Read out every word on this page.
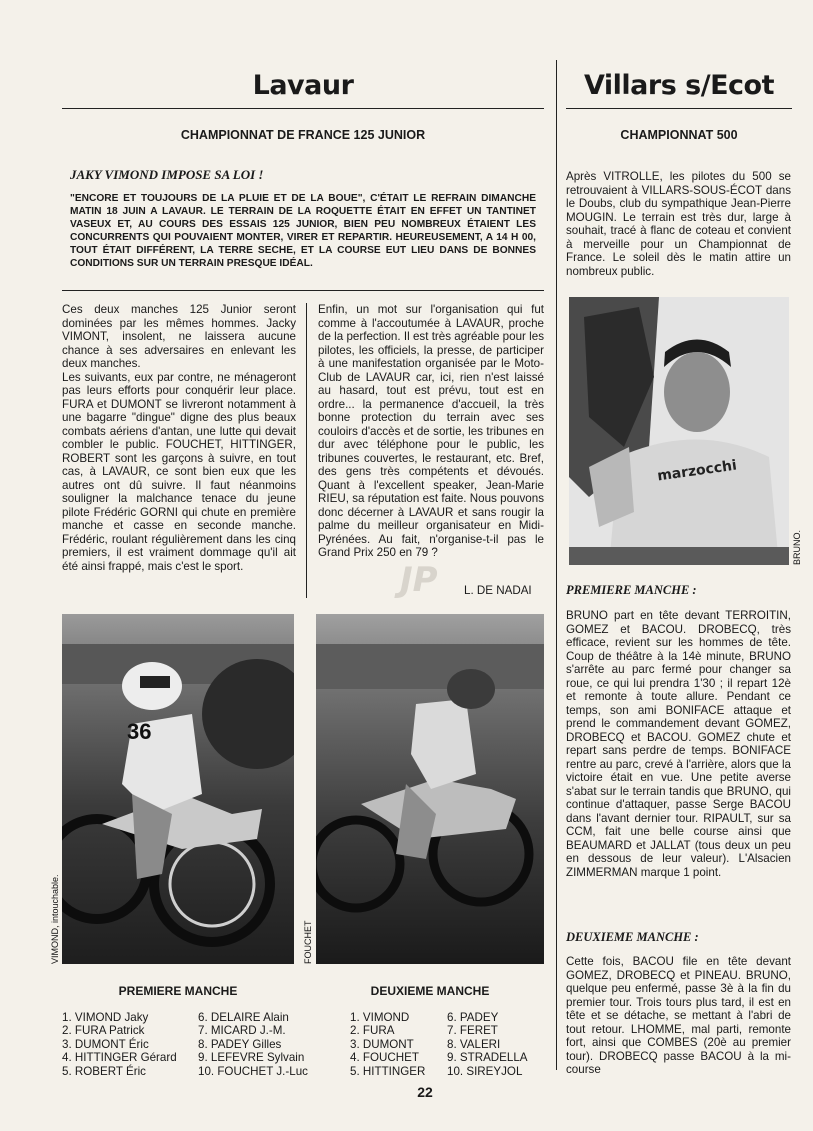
Lavaur
CHAMPIONNAT DE FRANCE 125 JUNIOR
JAKY VIMOND IMPOSE SA LOI !
"ENCORE ET TOUJOURS DE LA PLUIE ET DE LA BOUE", C'ÉTAIT LE REFRAIN DIMANCHE MATIN 18 JUIN A LAVAUR. LE TERRAIN DE LA ROQUETTE ÉTAIT EN EFFET UN TANTINET VASEUX ET, AU COURS DES ESSAIS 125 JUNIOR, BIEN PEU NOMBREUX ÉTAIENT LES CONCURRENTS QUI POUVAIENT MONTER, VIRER ET REPARTIR. HEUREUSEMENT, A 14 H 00, TOUT ÉTAIT DIFFÉRENT, LA TERRE SECHE, ET LA COURSE EUT LIEU DANS DE BONNES CONDITIONS SUR UN TERRAIN PRESQUE IDÉAL.

Ces deux manches 125 Junior seront dominées par les mêmes hommes. Jacky VIMONT, insolent, ne laissera aucune chance à ses adversaires en enlevant les deux manches.

Les suivants, eux par contre, ne ménageront pas leurs efforts pour conquérir leur place. FURA et DUMONT se livreront notamment à une bagarre "dingue" digne des plus beaux combats aériens d'antan, une lutte qui devait combler le public. FOUCHET, HITTINGER, ROBERT sont les garçons à suivre, en tout cas, à LAVAUR, ce sont bien eux que les autres ont dû suivre. Il faut néanmoins souligner la malchance tenace du jeune pilote Frédéric GORNI qui chute en première manche et casse en seconde manche. Frédéric, roulant régulièrement dans les cinq premiers, il est vraiment dommage qu'il ait été ainsi frappé, mais c'est le sport.

Enfin, un mot sur l'organisation qui fut comme à l'accoutumée à LAVAUR, proche de la perfection. Il est très agréable pour les pilotes, les officiels, la presse, de participer à une manifestation organisée par le Moto-Club de LAVAUR car, ici, rien n'est laissé au hasard, tout est prévu, tout est en ordre... la permanence d'accueil, la très bonne protection du terrain avec ses couloirs d'accès et de sortie, les tribunes en dur avec téléphone pour le public, les tribunes couvertes, le restaurant, etc. Bref, des gens très compétents et dévoués. Quant à l'excellent speaker, Jean-Marie RIEU, sa réputation est faite. Nous pouvons donc décerner à LAVAUR et sans rougir la palme du meilleur organisateur en Midi-Pyrénées. Au fait, n'organise-t-il pas le Grand Prix 250 en 79 ?
L. DE NADAI
JP
36
VIMOND, intouchable.	FOUCHET
PREMIERE MANCHE
1. VIMOND Jaky
2. FURA Patrick
3. DUMONT Éric
4. HITTINGER Gérard
5. ROBERT Éric
6. DELAIRE Alain
7. MICARD J.-M.
8. PADEY Gilles
9. LEFEVRE Sylvain
10. FOUCHET J.-Luc
DEUXIEME MANCHE
1. VIMOND
2. FURA
3. DUMONT
4. FOUCHET
5. HITTINGER
6. PADEY
7. FERET
8. VALERI
9. STRADELLA
10. SIREYJOL
22
Villars s/Ecot
CHAMPIONNAT 500
Après VITROLLE, les pilotes du 500 se retrouvaient à VILLARS-SOUS-ÉCOT dans le Doubs, club du sympathique Jean-Pierre MOUGIN. Le terrain est très dur, large à souhait, tracé à flanc de coteau et convient à merveille pour un Championnat de France. Le soleil dès le matin attire un nombreux public.
marzocchi
BRUNO.
PREMIERE MANCHE :
BRUNO part en tête devant TERROITIN, GOMEZ et BACOU. DROBECQ, très efficace, revient sur les hommes de tête. Coup de théâtre à la 14è minute, BRUNO s'arrête au parc fermé pour changer sa roue, ce qui lui prendra 1'30 ; il repart 12è et remonte à toute allure. Pendant ce temps, son ami BONIFACE attaque et prend le commandement devant GOMEZ, DROBECQ et BACOU. GOMEZ chute et repart sans perdre de temps. BONIFACE rentre au parc, crevé à l'arrière, alors que la victoire était en vue. Une petite averse s'abat sur le terrain tandis que BRUNO, qui continue d'attaquer, passe Serge BACOU dans l'avant dernier tour. RIPAULT, sur sa CCM, fait une belle course ainsi que BEAUMARD et JALLAT (tous deux un peu en dessous de leur valeur). L'Alsacien ZIMMERMAN marque 1 point.
DEUXIEME MANCHE :
Cette fois, BACOU file en tête devant GOMEZ, DROBECQ et PINEAU. BRUNO, quelque peu enfermé, passe 3è à la fin du premier tour. Trois tours plus tard, il est en tête et se détache, se mettant à l'abri de tout retour. LHOMME, mal parti, remonte fort, ainsi que COMBES (20è au premier tour). DROBECQ passe BACOU à la mi-course
